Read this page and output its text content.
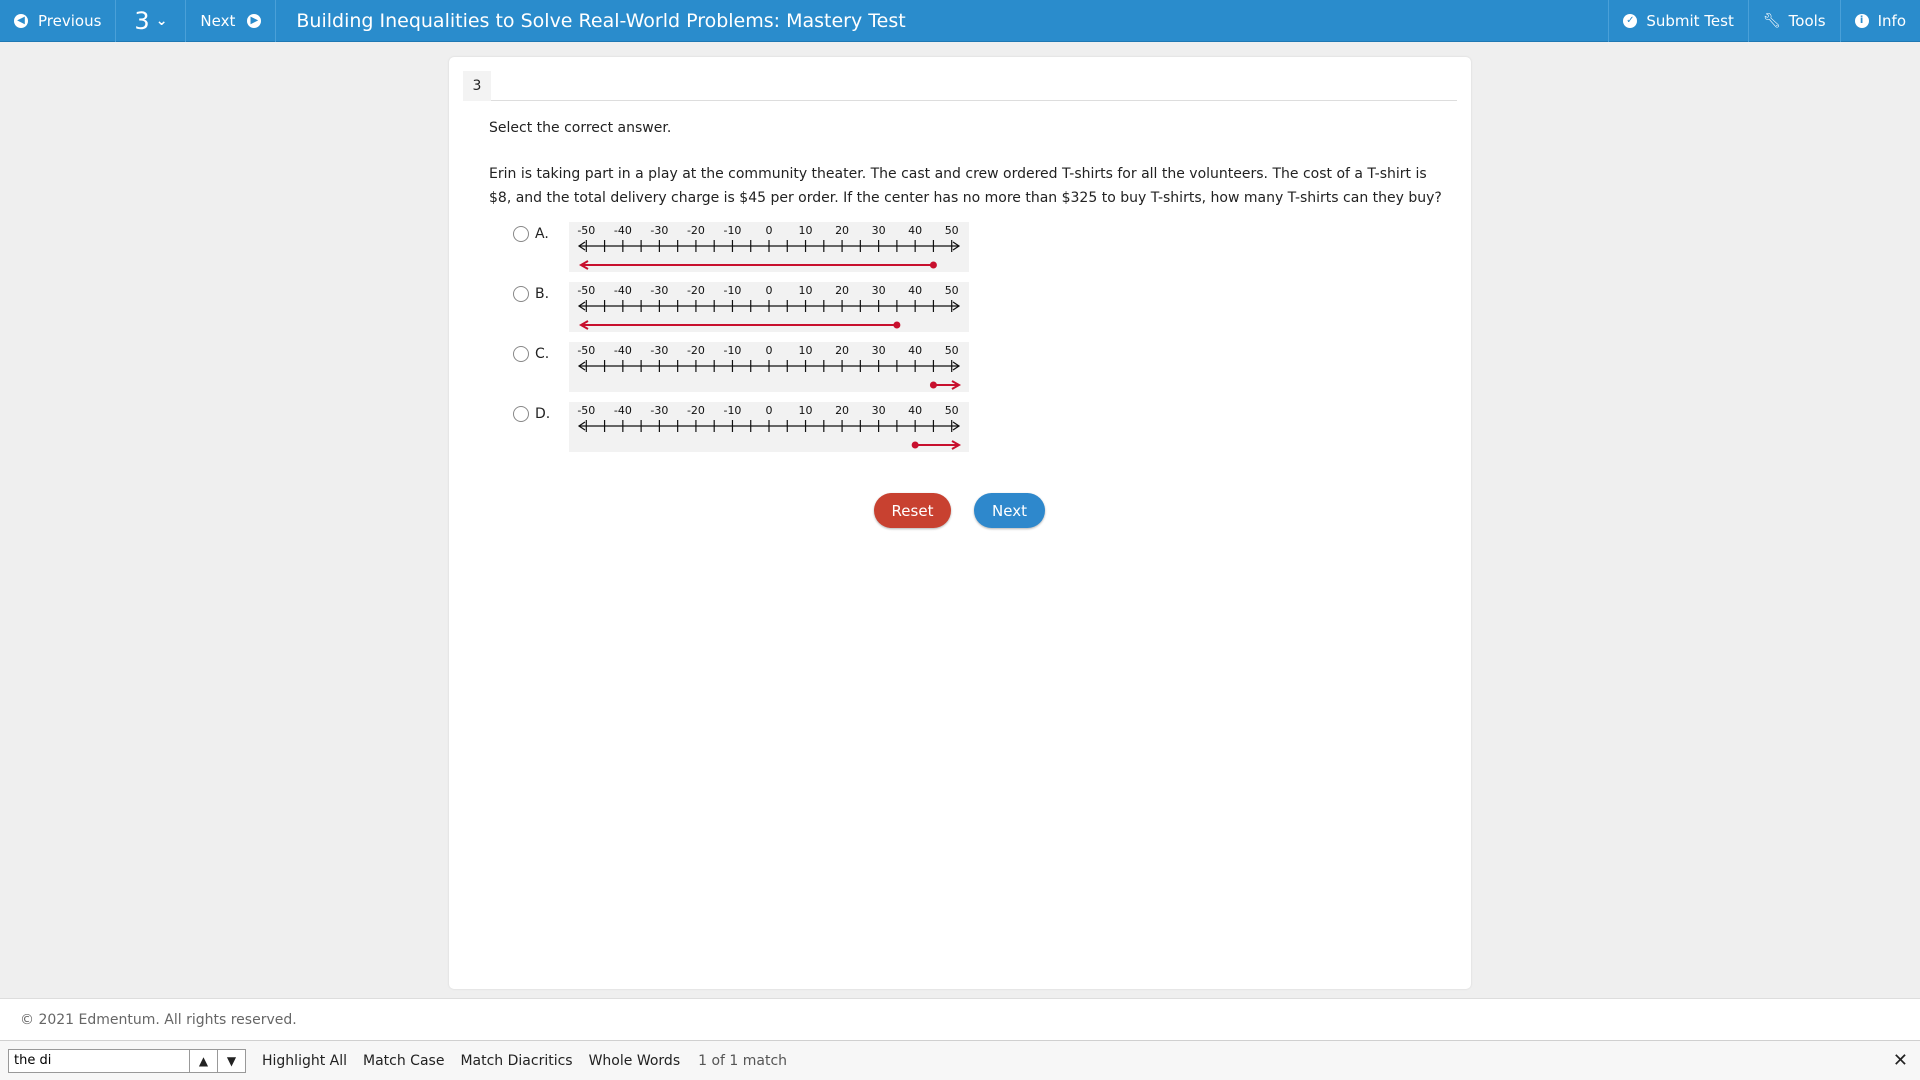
◀ Previous 3 ⌄ Next	▶	Building Inequalities to Solve Real-World Problems: Mastery Test	✓ Submit Test 🔧︎ Tools	i Info
3
Select the correct answer.
Erin is taking part in a play at the community theater. The cast and crew ordered T-shirts for all the volunteers. The cost of a T-shirt is $8, and the total delivery charge is $45 per order. If the center has no more than $325 to buy T-shirts, how many T-shirts can they buy?
A.	-50 -40 -30 -20 -10 0 10 20 30 40 50
B.	-50 -40 -30 -20 -10 0 10 20 30 40 50
C.	-50 -40 -30 -20 -10 0 10 20 30 40 50
D. -50 -40 -30 -20 -10 0 10 20 30 40 50
Reset	Next
© 2021 Edmentum. All rights reserved.
the di
▲ ▼ Highlight All Match Case Match Diacritics Whole Words 1 of 1 match	✕
